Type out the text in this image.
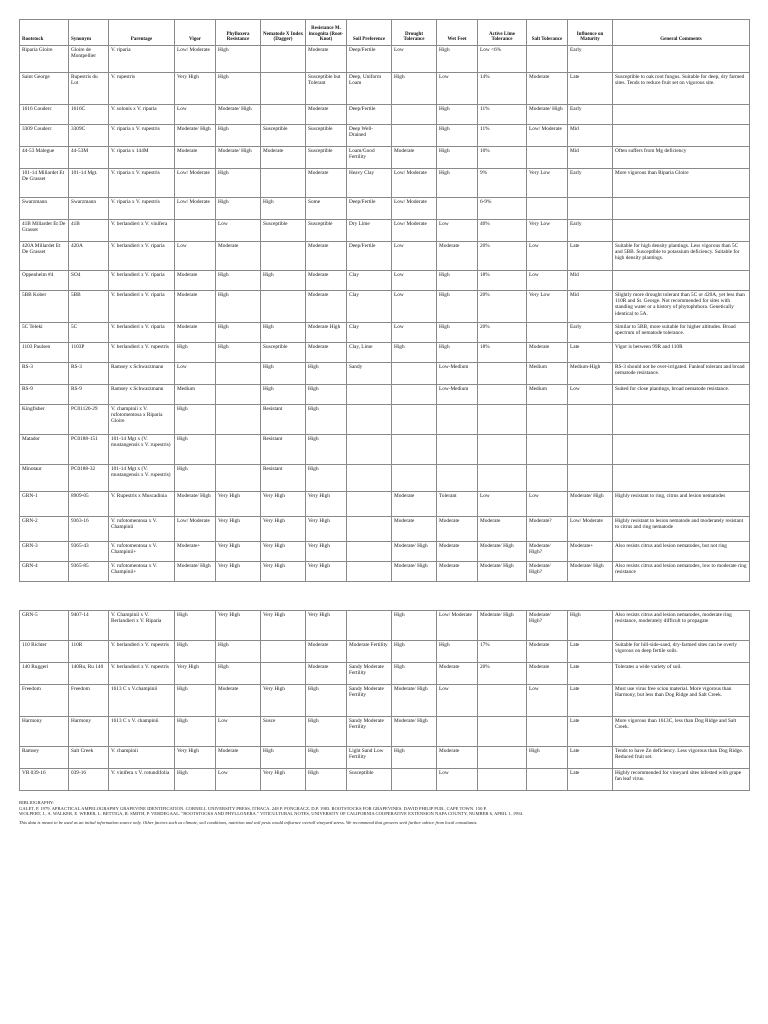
Rootstock	Synonym	Parentage	Vigor	Phylloxera Resistance	Nematode X Index (Dagger)	Resistance M. incognita (Root-Knot)	Soil Preference	Drought Tolerance	Wet Feet	Active Lime Tolerance	Salt Tolerance	Influence on Maturity	General Comments
Riparia Gloire	Gloire de Montpellier	V. riparia	Low/ Moderate	High		Moderate	Deep/Fertile	Low	High	Low <6%		Early	
Saint George	Rupestris du Lot	V. rupestris	Very High	High		Susceptible but Tolerant	Deep, Uniform Loam	High	Low	14%	Moderate	Late	Susceptible to oak root fungus. Suitable for deep, dry farmed sites. Tends to reduce fruit set on vigorous site.
1616 Couderc	1616C	V. solonis x V. riparia	Low	Moderate/ High		Moderate	Deep/Fertile		High	11%	Moderate/ High	Early	
3309 Couderc	3309C	V. riparia x V. rupestris	Moderate/ High	High	Susceptible	Susceptible	Deep Well-Drained		High	11%	Low/ Moderate	Mid	
44-53 Malegue	44-53M	V. riparia x 144M	Moderate	Moderate/ High	Moderate	Susceptible	Loam/Good Fertility	Moderate	High	10%		Mid	Often suffers from Mg deficiency
101-14 Millardet Et De Grasset	101-14 Mgt.	V. riparia x V. rupestris	Low/ Moderate	High		Moderate	Heavy Clay	Low/ Moderate	High	9%	Very Low	Early	More vigorous than Riparia Gloire
Swarzmann	Swarzmann	V. riparia x V. rupestris	Low/ Moderate	High	High	Some	Deep/Fertile	Low/ Moderate		6-9%			
41B Millardet Et De Grasset	41B	V. berlandieri x V. vinifera		Low	Susceptible	Susceptible	Dry Lime	Low/ Moderate	Low	40%	Very Low	Early	
420A Millardet Et De Grasset	420A	V. berlandieri x V. riparia	Low	Moderate		Moderate	Deep/Fertile	Low	Moderate	20%	Low	Late	Suitable for high density plantings. Less vigorous than 5C and 5BB. Susceptible to potassium deficiency. Suitable for high density plantings.
Oppenheim #4	SO4	V. berlandieri x V. riparia	Moderate	High	High	Moderate	Clay	Low	High	18%	Low	Mid	
5BB Kober	5BB	V. berlandieri x V. riparia	Moderate	High		Moderate	Clay	Low	High	20%	Very Low	Mid	Slightly more drought tolerant than 5C or 420A, yet less than 110R and St. George. Not recommended for sites with standing water or a history of phytophthora. Genetically identical to 5A.
5C Teleki	5C	V. berlandieri x V. riparia	Moderate	High	High	Moderate High	Clay	Low	High	20%		Early	Similar to 5BB, more suitable for higher altitudes. Broad spectrum of nematode tolerance.
1103 Paulsen	1103P	V. berlandieri x V. rupestris	High	High	Susceptible	Moderate	Clay, Lime	High	High	18%	Moderate	Late	Vigor is between 99R and 110R
RS-3	RS-3	Ramsey x Schwarzmann	Low		High	High	Sandy		Low-Medium		Medium	Medium-High	RS-3 should not be over-irrigated. Fanleaf tolerant and broad nematode resistance.
RS-9	RS-9	Ramsey x Schwarzmann	Medium		High	High			Low-Medium		Medium	Low	Suited for close plantings, broad nematode resistance.
Kingfisher	PC01126-29	V. champinii x V. rufotomentosa x Riparia Gloire	High		Resistant	High							
Matador	PC0188-151	101-14 Mgt x (V. mustangensis x V. rupestris)	High		Resistant	High							
Minotaur	PC0188-32	101-14 Mgt x (V. mustangensis x V. rupestris)	High		Resistant	High							
GRN-1	8909-05	V. Rupestris x Muscadinia	Moderate/ High	Very High	Very High	Very High		Moderate	Tolerant	Low	Low	Moderate/ High	Highly resistant to ring, citrus and lesion nematodes
GRN-2	9363-16	V. rufotomentosa x V. Champinii	Low/ Moderate	Very High	Very High	Very High		Moderate	Moderate	Moderate	Moderate?	Low/ Moderate	Highly resistant to lesion nematode and moderately resistant to citrus and ring nematode
GRN-3	9365-43	V. rufotomentosa x V. Champinii+	Moderate+	Very High	Very High	Very High		Moderate/ High	Moderate	Moderate/ High	Moderate/ High?	Moderate+	Also resists citrus and lesion nematodes, but not ring
GRN-4	9365-85	V. rufotomentosa x V. Champinii+	Moderate/ High	Very High	Very High	Very High		Moderate/ High	Moderate	Moderate/ High	Moderate/ High?	Moderate/ High	Also resists citrus and lesion nematodes, low to moderate ring resistance
GRN-5	9407-14	V. Champinii x V. Berlandieri x V. Riparia	High	Very High	Very High	Very High		High	Low/ Moderate	Moderate/ High	Moderate/ High?	High	Also resists citrus and lesion nematodes, moderate ring resistance, moderately difficult to propagate
110 Richter	110R	V. berlandieri x V. rupestris	High	High		Moderate	Moderate Fertility	High	High	17%	Moderate	Late	Suitable for hill-side-sand, dry-farmed sites can be overly vigorous on deep fertile soils.
140 Ruggeri	140Ru, Ru 140	V. berlandieri x V. rupestris	Very High	High		Moderate	Sandy Moderate Fertility	High	Moderate	20%	Moderate	Late	Tolerates a wide variety of soil.
Freedom	Freedom	1613 C x V.champinii	High	Moderate	Very High	High	Sandy Moderate Fertility	Moderate/ High	Low		Low	Late	Must use virus free scion material. More vigorous than Harmony, but less than Dog Ridge and Salt Creek.
Harmony	Harmony	1613 C x V. champinii	High	Low	Susce	High	Sandy Moderate Fertility	Moderate/ High				Late	More vigorous than 1613C, less than Dog Ridge and Salt Creek.
Ramsey	Salt Creek	V. champinii	Very High	Moderate	High	High	Light Sand Low Fertility	High	Moderate		High	Late	Tends to have Zn deficiency. Less vigorous than Dog Ridge. Reduced fruit set.
VR 039-16	039-16	V. vinifera x V. rotundifolia	High	Low	Very High	High	Susceptible		Low			Late	Highly recommended for vineyard sites infested with grape fan leaf virus.
BIBLIOGRAPHY:
GALET, P. 1979. APRACTICAL AMPELOGRAPHY GRAPEVINE IDENTIFICATION. CORNELL UNIVERSITY PRESS, ITHACA. 248 P. PONGRACZ, D.P. 1983. ROOTSTOCKS FOR GRAPEVINES. DAVID PHILIP PUB., CAPE TOWN. 150 P.
WOLPERT, J., A. WALKER, E. WEBER, L. BETTIGA, R. SMITH, P. VERDEGAAL. "ROOTSTOCKS AND PHYLLOXERA." VITICULTURAL NOTES, UNIVERSITY OF CALIFORNIA COOPERATIVE EXTENSION NAPA COUNTY, NUMBER 6, APRIL 1, 1994.
This data is meant to be used as an initial information source only. Other factors such as climate, soil conditions, nutrition and soil pests would influence overall vineyard stress. We recommend that growers seek further advice from local consultants.
